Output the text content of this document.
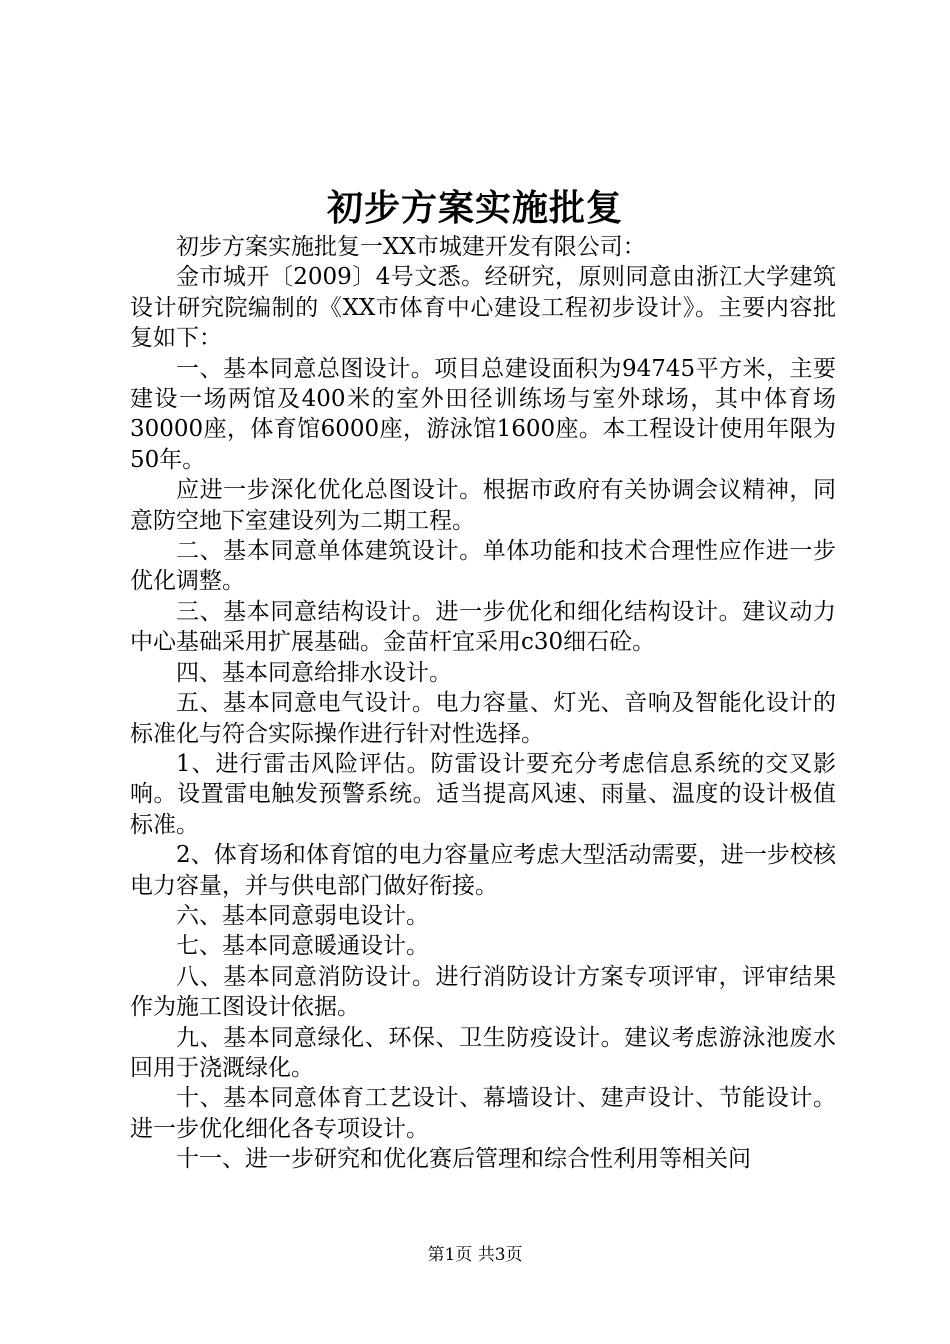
初步方案实施批复

初步方案实施批复一XX市城建开发有限公司：

金市城开〔2009〕4号文悉。经研究，原则同意由浙江大学建筑设计研究院编制的《XX市体育中心建设工程初步设计》。主要内容批复如下：

一、基本同意总图设计。项目总建设面积为94745平方米，主要建设一场两馆及400米的室外田径训练场与室外球场，其中体育场30000座，体育馆6000座，游泳馆1600座。本工程设计使用年限为50年。

应进一步深化优化总图设计。根据市政府有关协调会议精神，同意防空地下室建设列为二期工程。

二、基本同意单体建筑设计。单体功能和技术合理性应作进一步优化调整。

三、基本同意结构设计。进一步优化和细化结构设计。建议动力中心基础采用扩展基础。金苗杆宜采用c30细石砼。

四、基本同意给排水设计。

五、基本同意电气设计。电力容量、灯光、音响及智能化设计的标准化与符合实际操作进行针对性选择。

1、进行雷击风险评估。防雷设计要充分考虑信息系统的交叉影响。设置雷电触发预警系统。适当提高风速、雨量、温度的设计极值标准。

2、体育场和体育馆的电力容量应考虑大型活动需要，进一步校核电力容量，并与供电部门做好衔接。

六、基本同意弱电设计。

七、基本同意暖通设计。

八、基本同意消防设计。进行消防设计方案专项评审，评审结果作为施工图设计依据。

九、基本同意绿化、环保、卫生防疫设计。建议考虑游泳池废水回用于浇溉绿化。

十、基本同意体育工艺设计、幕墙设计、建声设计、节能设计。进一步优化细化各专项设计。

十一、进一步研究和优化赛后管理和综合性利用等相关问

第1页 共3页
